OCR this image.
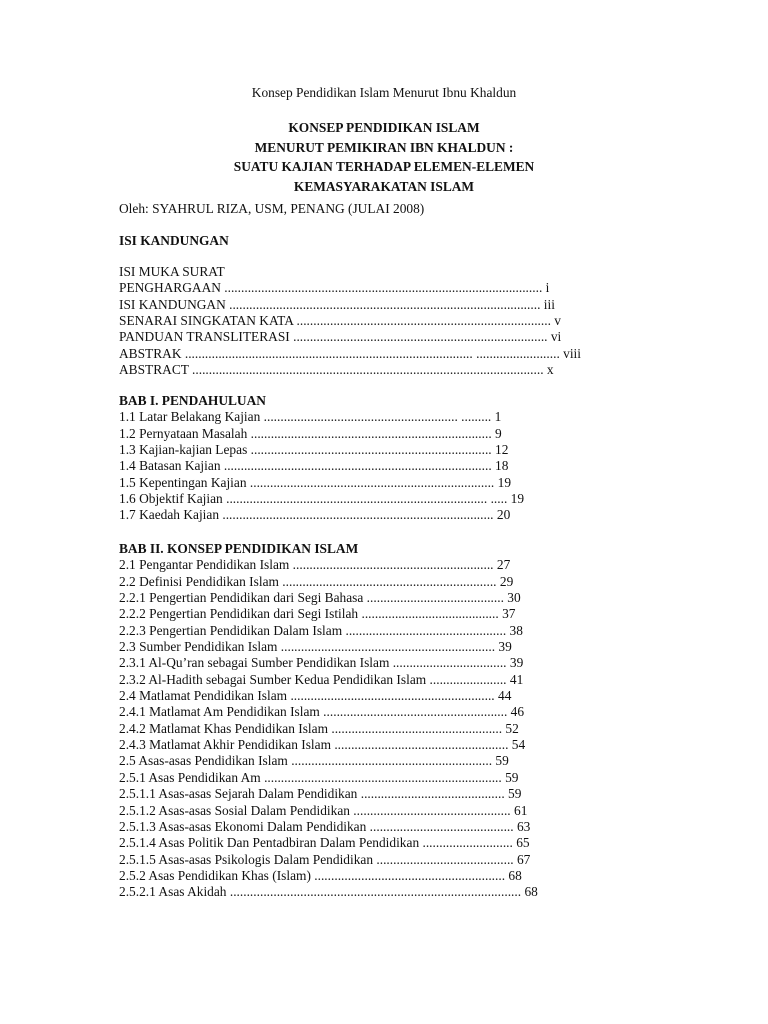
Konsep Pendidikan Islam Menurut Ibnu Khaldun
KONSEP PENDIDIKAN ISLAM
MENURUT PEMIKIRAN IBN KHALDUN :
SUATU KAJIAN TERHADAP ELEMEN-ELEMEN
KEMASYARAKATAN ISLAM
Oleh: SYAHRUL RIZA, USM, PENANG (JULAI 2008)
ISI KANDUNGAN
ISI MUKA SURAT
PENGHARGAAN ............................................................................................... i
ISI KANDUNGAN ............................................................................................. iii
SENARAI SINGKATAN KATA ............................................................................ v
PANDUAN TRANSLITERASI ............................................................................ vi
ABSTRAK ...................................................................................... ......................... viii
ABSTRACT ......................................................................................................... x
BAB I. PENDAHULUAN
1.1 Latar Belakang Kajian .......................................................... ......... 1
1.2 Pernyataan Masalah ........................................................................ 9
1.3 Kajian-kajian Lepas ........................................................................ 12
1.4 Batasan Kajian ................................................................................ 18
1.5 Kepentingan Kajian ......................................................................... 19
1.6 Objektif Kajian .............................................................................. ..... 19
1.7 Kaedah Kajian ................................................................................. 20
BAB II. KONSEP PENDIDIKAN ISLAM
2.1 Pengantar Pendidikan Islam ............................................................ 27
2.2 Definisi Pendidikan Islam ................................................................ 29
2.2.1 Pengertian Pendidikan dari Segi Bahasa ......................................... 30
2.2.2 Pengertian Pendidikan dari Segi Istilah ......................................... 37
2.2.3 Pengertian Pendidikan Dalam Islam ................................................ 38
2.3 Sumber Pendidikan Islam ................................................................ 39
2.3.1 Al-Qu’ran sebagai Sumber Pendidikan Islam .................................. 39
2.3.2 Al-Hadith sebagai Sumber Kedua Pendidikan Islam ....................... 41
2.4 Matlamat Pendidikan Islam ............................................................. 44
2.4.1 Matlamat Am Pendidikan Islam ....................................................... 46
2.4.2 Matlamat Khas Pendidikan Islam ................................................... 52
2.4.3 Matlamat Akhir Pendidikan Islam .................................................... 54
2.5 Asas-asas Pendidikan Islam ............................................................ 59
2.5.1 Asas Pendidikan Am ....................................................................... 59
2.5.1.1 Asas-asas Sejarah Dalam Pendidikan ........................................... 59
2.5.1.2 Asas-asas Sosial Dalam Pendidikan ............................................... 61
2.5.1.3 Asas-asas Ekonomi Dalam Pendidikan ........................................... 63
2.5.1.4 Asas Politik Dan Pentadbiran Dalam Pendidikan ........................... 65
2.5.1.5 Asas-asas Psikologis Dalam Pendidikan ......................................... 67
2.5.2 Asas Pendidikan Khas (Islam) ......................................................... 68
2.5.2.1 Asas Akidah ....................................................................................... 68
